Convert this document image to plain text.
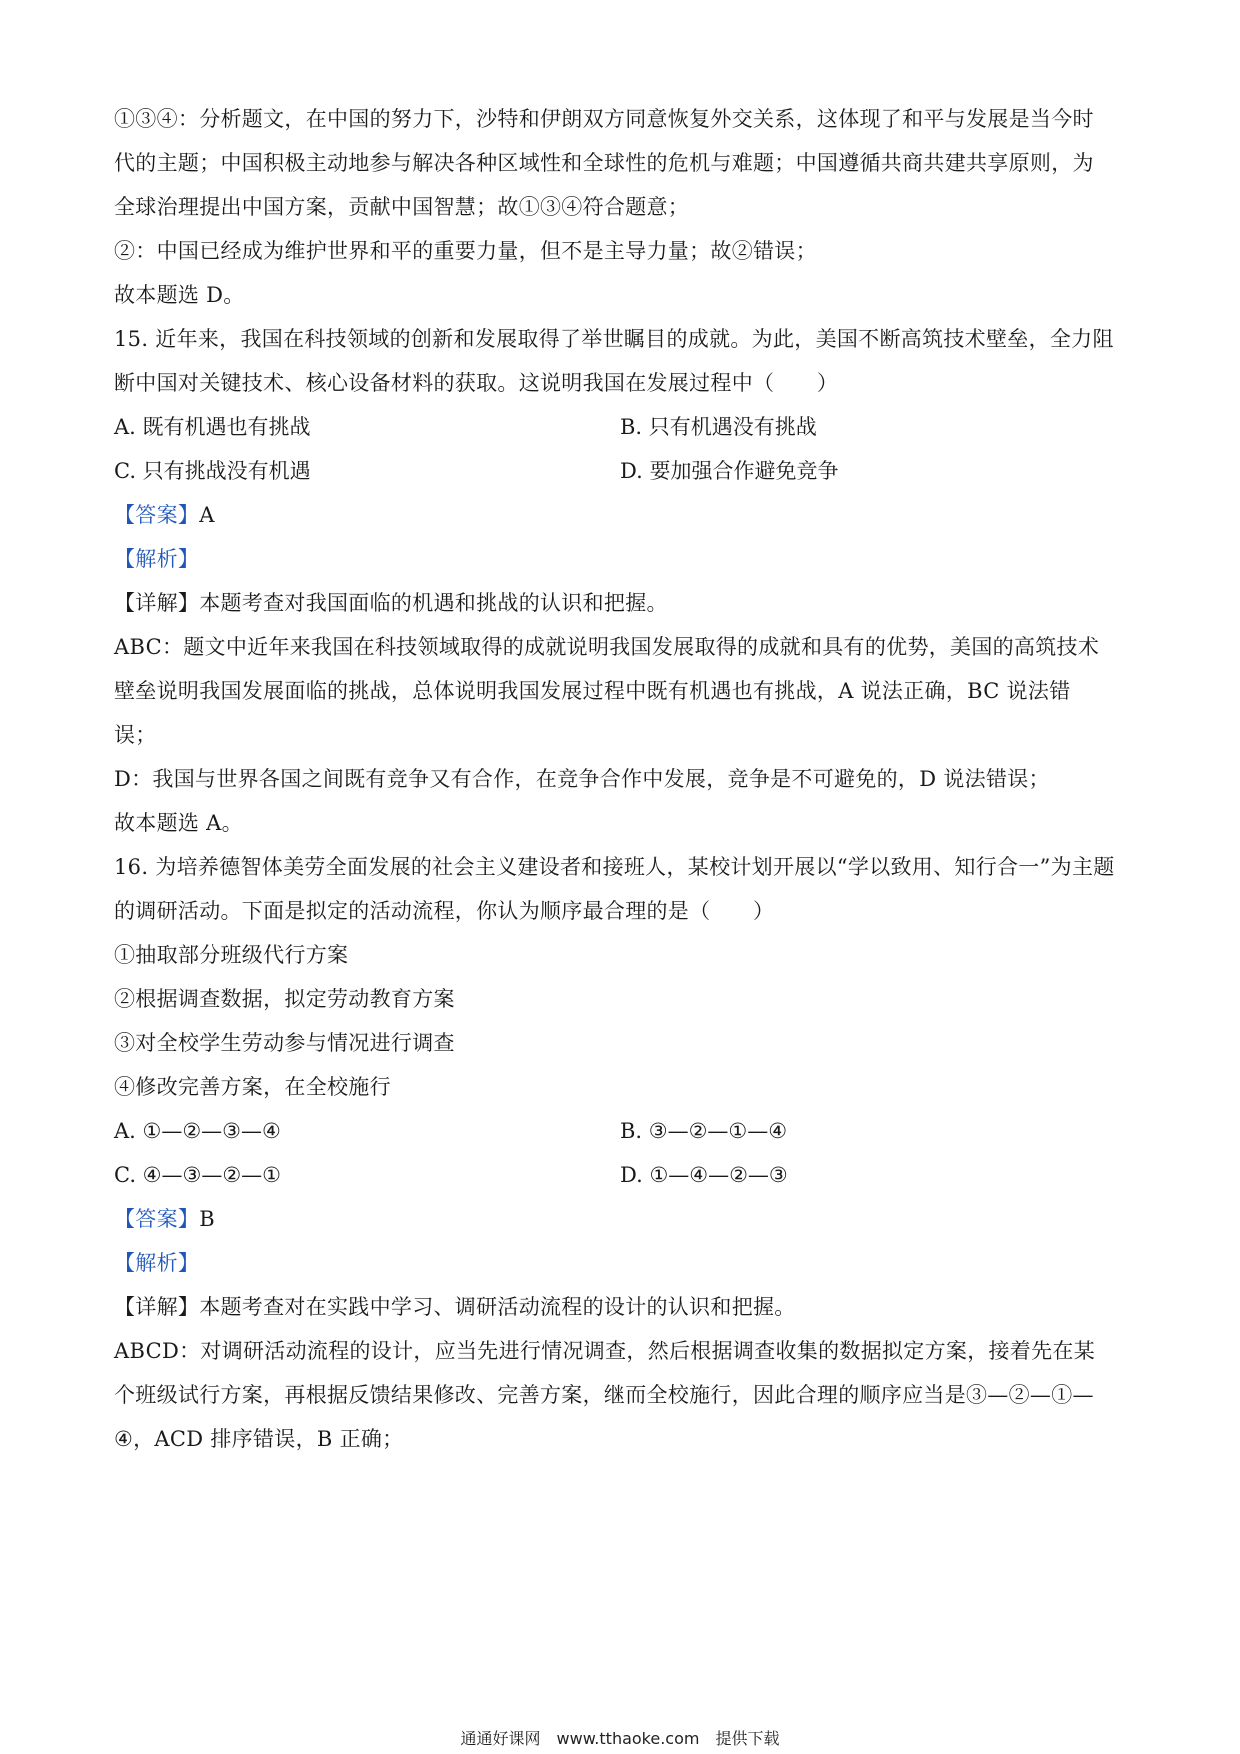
①③④：分析题文，在中国的努力下，沙特和伊朗双方同意恢复外交关系，这体现了和平与发展是当今时
代的主题；中国积极主动地参与解决各种区域性和全球性的危机与难题；中国遵循共商共建共享原则，为
全球治理提出中国方案，贡献中国智慧；故①③④符合题意；
②：中国已经成为维护世界和平的重要力量，但不是主导力量；故②错误；
故本题选 D。
15. 近年来，我国在科技领域的创新和发展取得了举世瞩目的成就。为此，美国不断高筑技术壁垒，全力阻
断中国对关键技术、核心设备材料的获取。这说明我国在发展过程中（　　）
A. 既有机遇也有挑战	B. 只有机遇没有挑战
C. 只有挑战没有机遇	D. 要加强合作避免竞争
【答案】A
【解析】
【详解】本题考查对我国面临的机遇和挑战的认识和把握。
ABC：题文中近年来我国在科技领域取得的成就说明我国发展取得的成就和具有的优势，美国的高筑技术
壁垒说明我国发展面临的挑战，总体说明我国发展过程中既有机遇也有挑战，A 说法正确，BC 说法错
误；
D：我国与世界各国之间既有竞争又有合作，在竞争合作中发展，竞争是不可避免的，D 说法错误；
故本题选 A。
16. 为培养德智体美劳全面发展的社会主义建设者和接班人，某校计划开展以“学以致用、知行合一”为主题
的调研活动。下面是拟定的活动流程，你认为顺序最合理的是（　　）
①抽取部分班级代行方案
②根据调查数据，拟定劳动教育方案
③对全校学生劳动参与情况进行调查
④修改完善方案，在全校施行
A. ①—②—③—④	B. ③—②—①—④
C. ④—③—②—①	D. ①—④—②—③
【答案】B
【解析】
【详解】本题考查对在实践中学习、调研活动流程的设计的认识和把握。
ABCD：对调研活动流程的设计，应当先进行情况调查，然后根据调查收集的数据拟定方案，接着先在某
个班级试行方案，再根据反馈结果修改、完善方案，继而全校施行，因此合理的顺序应当是③—②—①—
④，ACD 排序错误，B 正确；
通通好课网　www.tthaoke.com　提供下载
